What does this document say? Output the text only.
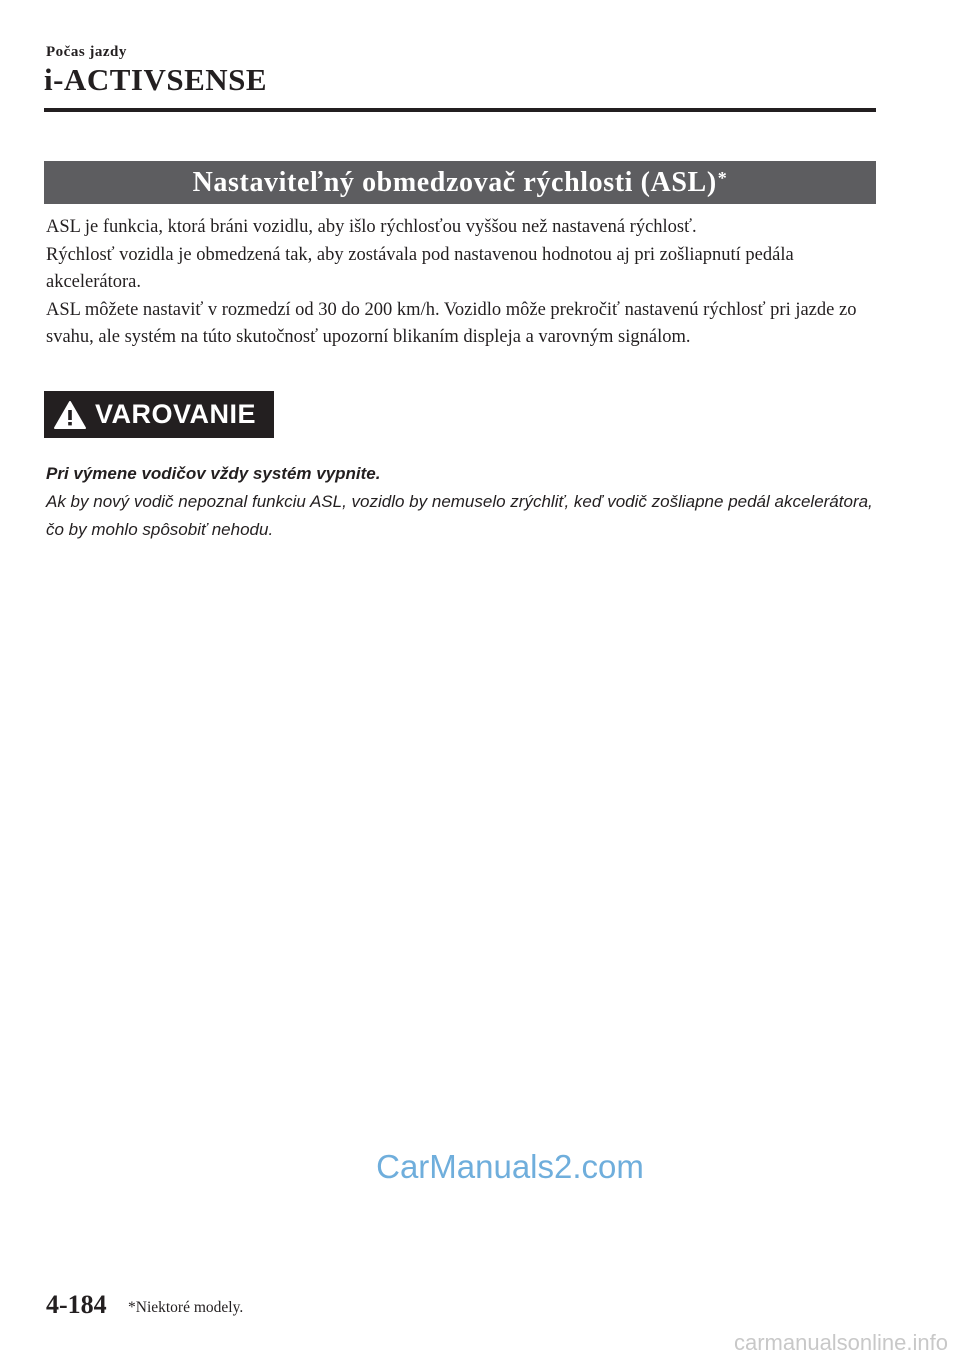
Počas jazdy
i-ACTIVSENSE
Nastaviteľný obmedzovač rýchlosti (ASL)*

ASL je funkcia, ktorá bráni vozidlu, aby išlo rýchlosťou vyššou než nastavená rýchlosť.

Rýchlosť vozidla je obmedzená tak, aby zostávala pod nastavenou hodnotou aj pri zošliapnutí pedála akcelerátora.

ASL môžete nastaviť v rozmedzí od 30 do 200 km/h. Vozidlo môže prekročiť nastavenú rýchlosť pri jazde zo svahu, ale systém na túto skutočnosť upozorní blikaním displeja a varovným signálom.

VAROVANIE

Pri výmene vodičov vždy systém vypnite.

Ak by nový vodič nepoznal funkciu ASL, vozidlo by nemuselo zrýchliť, keď vodič zošliapne pedál akcelerátora, čo by mohlo spôsobiť nehodu.

CarManuals2.com
4-184 *Niektoré modely.
carmanualsonline.info
